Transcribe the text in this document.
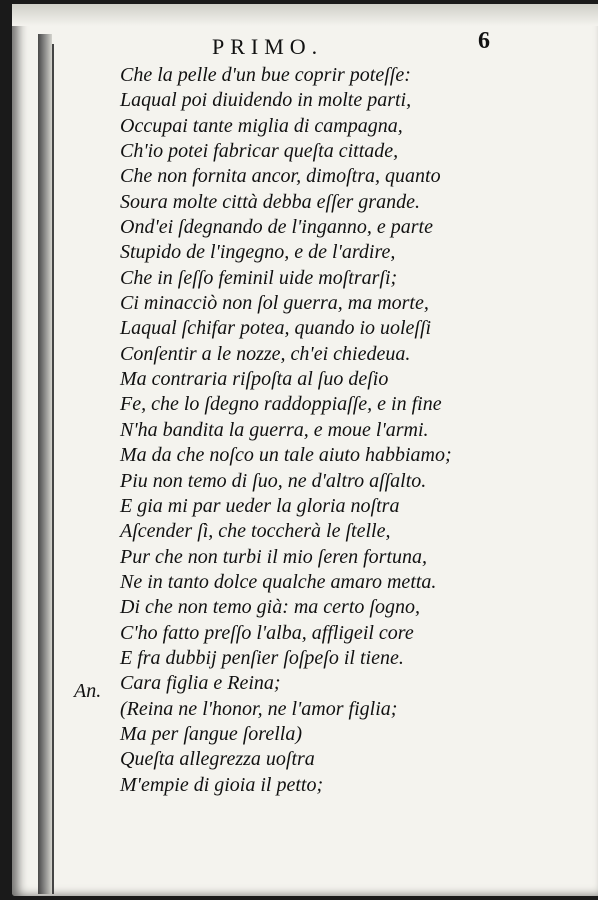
PRIMO.	6
Che la pelle d'un bue coprir poteſſe:
Laqual poi diuidendo in molte parti,
Occupai tante miglia di campagna,
Ch'io potei fabricar queſta cittade,
Che non fornita ancor, dimoſtra, quanto
Soura molte città debba eſſer grande.
Ond'ei ſdegnando de l'inganno, e parte
Stupido de l'ingegno, e de l'ardire,
Che in ſeſſo feminil uide moſtrarſi;
Ci minacciò non ſol guerra, ma morte,
Laqual ſchifar potea, quando io uoleſſi
Conſentir a le nozze, ch'ei chiedeua.
Ma contraria riſpoſta al ſuo deſio
Fe, che lo ſdegno raddoppiaſſe, e in fine
N'ha bandita la guerra, e moue l'armi.
Ma da che noſco un tale aiuto habbiamo;
Piu non temo di ſuo, ne d'altro aſſalto.
E gia mi par ueder la gloria noſtra
Aſcender ſì, che toccherà le ſtelle,
Pur che non turbi il mio ſeren fortuna,
Ne in tanto dolce qualche amaro metta.
Di che non temo già: ma certo ſogno,
C'ho fatto preſſo l'alba, affligeil core
E fra dubbij penſier ſoſpeſo il tiene.
Cara figlia e Reina;
(Reina ne l'honor, ne l'amor figlia;
Ma per ſangue ſorella)
Queſta allegrezza uoſtra
M'empie di gioia il petto;
An.
